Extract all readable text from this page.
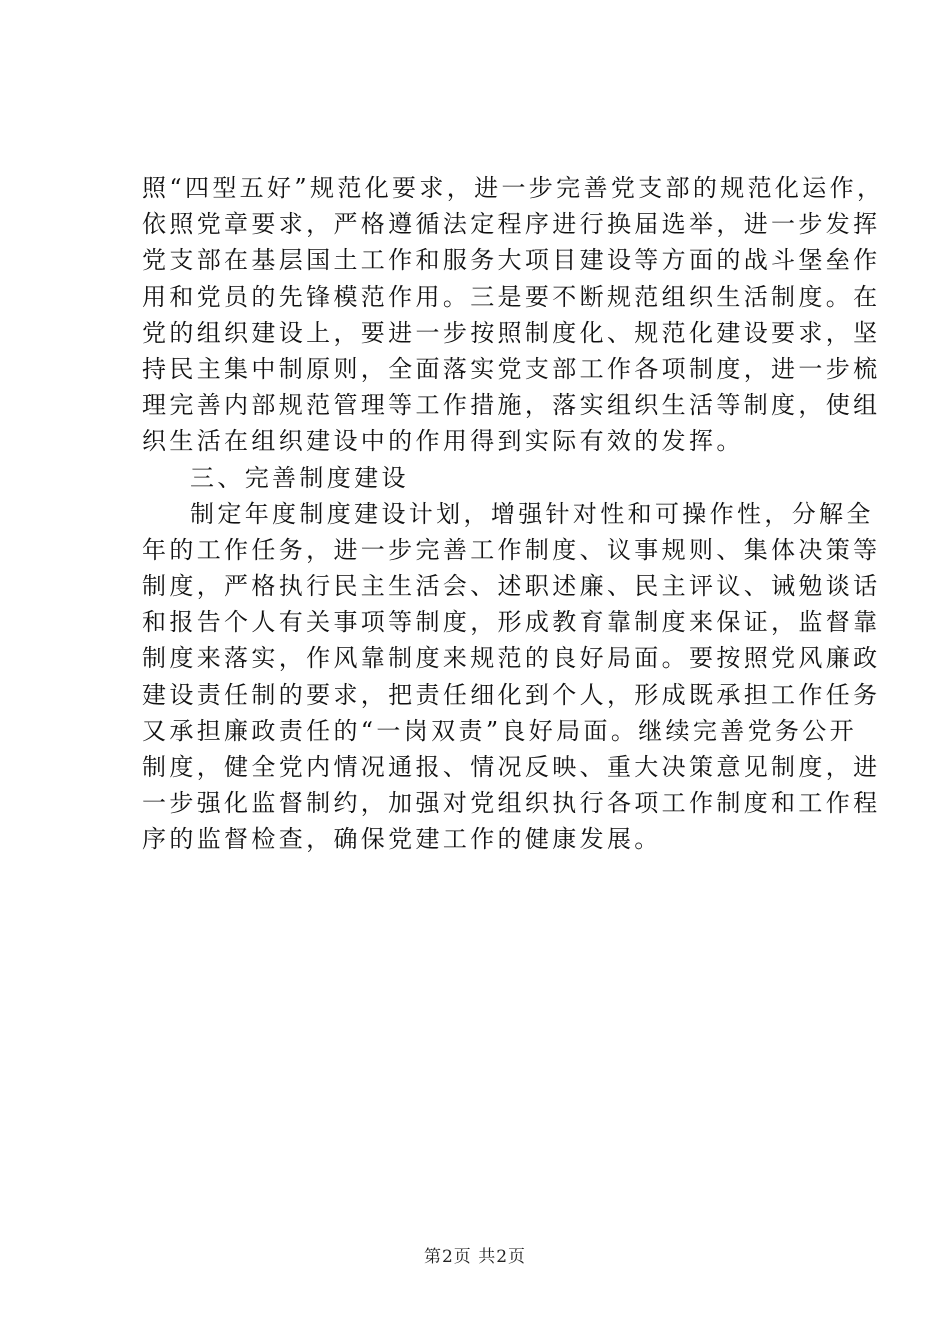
照“四型五好”规范化要求，进一步完善党支部的规范化运作，
依照党章要求，严格遵循法定程序进行换届选举，进一步发挥
党支部在基层国土工作和服务大项目建设等方面的战斗堡垒作
用和党员的先锋模范作用。三是要不断规范组织生活制度。在
党的组织建设上，要进一步按照制度化、规范化建设要求，坚
持民主集中制原则，全面落实党支部工作各项制度，进一步梳
理完善内部规范管理等工作措施，落实组织生活等制度，使组
织生活在组织建设中的作用得到实际有效的发挥。
三、完善制度建设
制定年度制度建设计划，增强针对性和可操作性，分解全
年的工作任务，进一步完善工作制度、议事规则、集体决策等
制度，严格执行民主生活会、述职述廉、民主评议、诫勉谈话
和报告个人有关事项等制度，形成教育靠制度来保证，监督靠
制度来落实，作风靠制度来规范的良好局面。要按照党风廉政
建设责任制的要求，把责任细化到个人，形成既承担工作任务
又承担廉政责任的“一岗双责”良好局面。继续完善党务公开
制度，健全党内情况通报、情况反映、重大决策意见制度，进
一步强化监督制约，加强对党组织执行各项工作制度和工作程
序的监督检查，确保党建工作的健康发展。
第2页 共2页
